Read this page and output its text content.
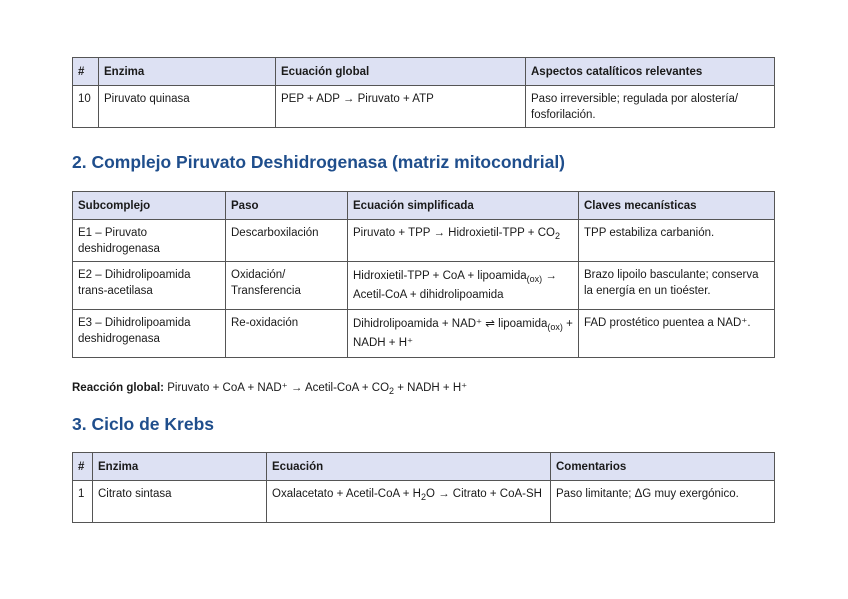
#	Enzima	Ecuación global	Aspectos catalíticos relevantes
10	Piruvato quinasa	PEP + ADP → Piruvato + ATP	Paso irreversible; regulada por alostería/ fosforilación.
2. Complejo Piruvato Deshidrogenasa (matriz mitocondrial)
Subcomplejo	Paso	Ecuación simplificada	Claves mecanísticas
E1 – Piruvato deshidrogenasa	Descarboxilación	Piruvato + TPP → Hidroxietil-TPP + $CO_2$	TPP estabiliza carbanión.
E2 – Dihidrolipoamida trans-acetilasa	Oxidación/ Transferencia	Hidroxietil-TPP + CoA + lipoamida$_{(ox)}$ → Acetil-CoA + dihidrolipoamida	Brazo lipoilo basculante; conserva la energía en un tioéster.
E3 – Dihidrolipoamida deshidrogenasa	Re-oxidación	Dihidrolipoamida + NAD⁺ ⇌ lipoamida$_{(ox)}$ + NADH + H⁺	FAD prostético puentea a NAD⁺.
Reacción global: Piruvato + CoA + NAD⁺ → Acetil-CoA + $CO_2$ + NADH + H⁺
3. Ciclo de Krebs
#	Enzima	Ecuación	Comentarios
1	Citrato sintasa	Oxalacetato + Acetil-CoA + $H_2O$ → Citrato + CoA-SH	Paso limitante; ΔG muy exergónico.
